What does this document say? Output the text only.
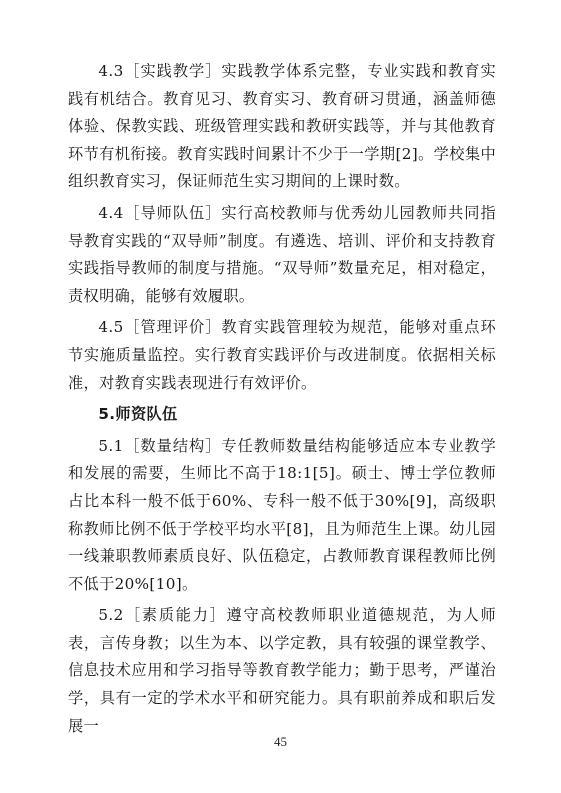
4.3［实践教学］实践教学体系完整，专业实践和教育实践有机结合。教育见习、教育实习、教育研习贯通，涵盖师德体验、保教实践、班级管理实践和教研实践等，并与其他教育环节有机衔接。教育实践时间累计不少于一学期[2]。学校集中组织教育实习，保证师范生实习期间的上课时数。

4.4［导师队伍］实行高校教师与优秀幼儿园教师共同指导教育实践的“双导师”制度。有遴选、培训、评价和支持教育实践指导教师的制度与措施。“双导师”数量充足，相对稳定，责权明确，能够有效履职。

4.5［管理评价］教育实践管理较为规范，能够对重点环节实施质量监控。实行教育实践评价与改进制度。依据相关标准，对教育实践表现进行有效评价。

5.师资队伍

5.1［数量结构］专任教师数量结构能够适应本专业教学和发展的需要，生师比不高于18:1[5]。硕士、博士学位教师占比本科一般不低于60%、专科一般不低于30%[9]，高级职称教师比例不低于学校平均水平[8]，且为师范生上课。幼儿园一线兼职教师素质良好、队伍稳定，占教师教育课程教师比例不低于20%[10]。

5.2［素质能力］遵守高校教师职业道德规范，为人师表，言传身教；以生为本、以学定教，具有较强的课堂教学、信息技术应用和学习指导等教育教学能力；勤于思考，严谨治学，具有一定的学术水平和研究能力。具有职前养成和职后发展一

45
